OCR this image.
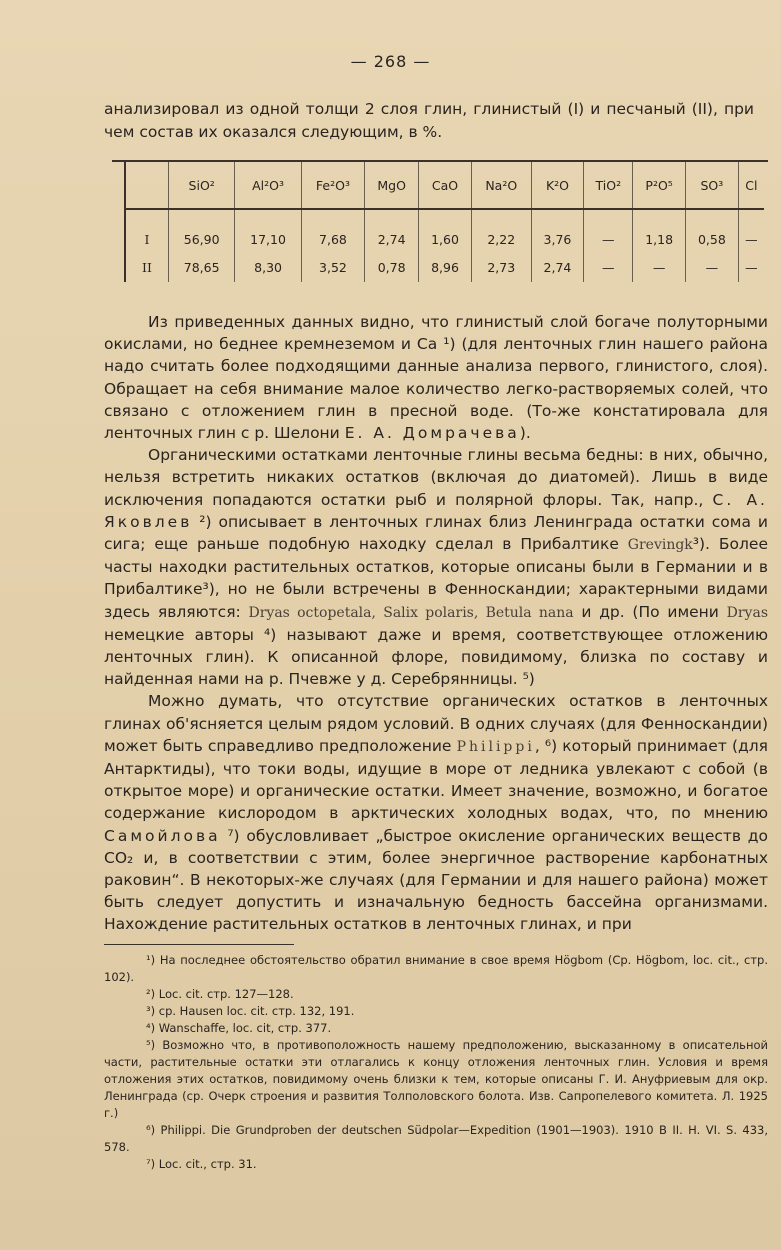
— 268 —
анализировал из одной толщи 2 слоя глин, глинистый (I) и песчаный (II), при чем состав их оказался следующим, в %.
	SiO²	Al²O³	Fe²O³	MgO	CaO	Na²O	K²O	TiO²	P²O⁵	SO³	Cl

I	56,90	17,10	7,68	2,74	1,60	2,22	3,76	—	1,18	0,58	—
II	78,65	8,30	3,52	0,78	8,96	2,73	2,74	—	—	—	—

Из приведенных данных видно, что глинистый слой богаче полуторными окислами, но беднее кремнеземом и Ca ¹) (для ленточных глин нашего района надо считать более подходящими данные анализа первого, глинистого, слоя). Обращает на себя внимание малое количество легко-растворяемых солей, что связано с отложением глин в пресной воде. (То-же констатировала для ленточных глин с р. Шелони Е. А. Домрачева).

Органическими остатками ленточные глины весьма бедны: в них, обычно, нельзя встретить никаких остатков (включая до диатомей). Лишь в виде исключения попадаются остатки рыб и полярной флоры. Так, напр., С. А. Яковлев ²) описывает в ленточных глинах близ Ленинграда остатки сома и сига; еще раньше подобную находку сделал в Прибалтике Grevingk³). Более часты находки растительных остатков, которые описаны были в Германии и в Прибалтике³), но не были встречены в Фенноскандии; характерными видами здесь являются: Dryas octopetala, Salix polaris, Betula nana и др. (По имени Dryas немецкие авторы ⁴) называют даже и время, соответствующее отложению ленточных глин). К описанной флоре, повидимому, близка по составу и найденная нами на р. Пчевже у д. Серебрянницы. ⁵)

Можно думать, что отсутствие органических остатков в ленточных глинах об'ясняется целым рядом условий. В одних случаях (для Фенноскандии) может быть справедливо предположение Philippi, ⁶) который принимает (для Антарктиды), что токи воды, идущие в море от ледника увлекают с собой (в открытое море) и органические остатки. Имеет значение, возможно, и богатое содержание кислородом в арктических холодных водах, что, по мнению Самойлова ⁷) обусловливает „быстрое окисление органических веществ до CO₂ и, в соответствии с этим, более энергичное растворение карбонатных раковин“. В некоторых-же случаях (для Германии и для нашего района) может быть следует допустить и изначальную бедность бассейна организмами. Нахождение растительных остатков в ленточных глинах, и при

¹) На последнее обстоятельство обратил внимание в свое время Högbom (Cp. Högbom, loc. cit., стр. 102).

²) Loc. cit. стр. 127—128.

³) ср. Hausen loc. cit. стр. 132, 191.

⁴) Wanschaffe, loc. cit, стр. 377.

⁵) Возможно что, в противоположность нашему предположению, высказанному в описательной части, растительные остатки эти отлагались к концу отложения ленточных глин. Условия и время отложения этих остатков, повидимому очень близки к тем, которые описаны Г. И. Ануфриевым для окр. Ленинграда (ср. Очерк строения и развития Толполовского болота. Изв. Сапропелевого комитета. Л. 1925 г.)

⁶) Philippi. Die Grundproben der deutschen Südpolar—Expedition (1901—1903). 1910 B II. H. VI. S. 433, 578.

⁷) Loc. cit., стр. 31.
